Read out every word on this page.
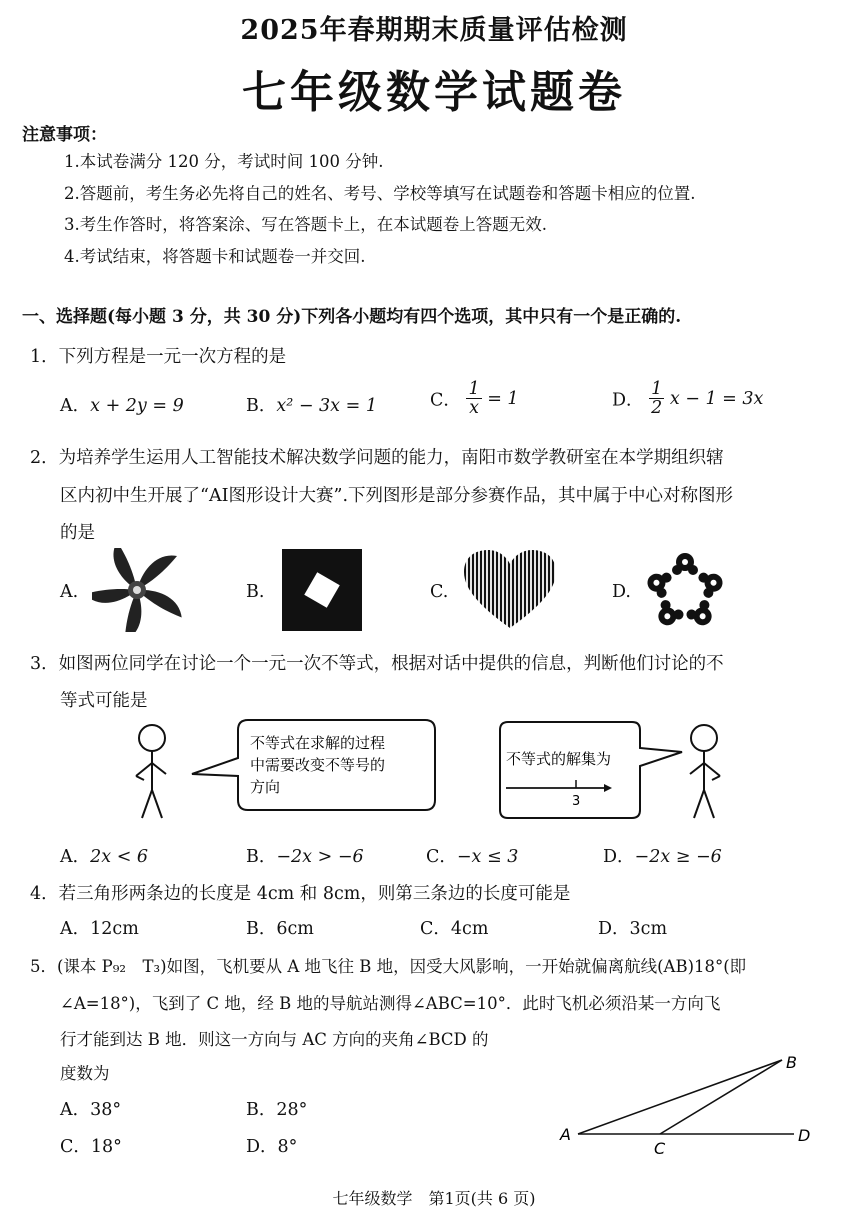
2025年春期期末质量评估检测
七年级数学试题卷
注意事项：
1.本试卷满分 120 分，考试时间 100 分钟.
2.答题前，考生务必先将自己的姓名、考号、学校等填写在试题卷和答题卡相应的位置.
3.考生作答时，将答案涂、写在答题卡上，在本试题卷上答题无效.
4.考试结束，将答题卡和试题卷一并交回.
一、选择题(每小题 3 分，共 30 分)下列各小题均有四个选项，其中只有一个是正确的.
1．下列方程是一元一次方程的是
A．x + 2y = 9	B．x² − 3x = 1	C． $\frac{1}{x} = 1$	D． $\frac{1}{2}$ x − 1 = 3x
2．为培养学生运用人工智能技术解决数学问题的能力，南阳市数学教研室在本学期组织辖
区内初中生开展了“AI图形设计大赛”.下列图形是部分参赛作品，其中属于中心对称图形
的是
A.	B.	C.	D.
3．如图两位同学在讨论一个一元一次不等式，根据对话中提供的信息，判断他们讨论的不
等式可能是
不等式在求解的过程
中需要改变不等号的
方向
不等式的解集为
3
A．2x < 6	B．−2x > −6	C．−x ≤ 3	D．−2x ≥ −6
4．若三角形两条边的长度是 4cm 和 8cm，则第三条边的长度可能是
A．12cm	B．6cm	C．4cm	D．3cm
5．(课本 P₉₂　T₃)如图，飞机要从 A 地飞往 B 地，因受大风影响，一开始就偏离航线(AB)18°(即
∠A=18°)，飞到了 C 地，经 B 地的导航站测得∠ABC=10°．此时飞机必须沿某一方向飞
行才能到达 B 地．则这一方向与 AC 方向的夹角∠BCD 的
度数为
A．38°	B．28°
C．18°	D．8°
A
B
C
D
七年级数学　第1页(共 6 页)
